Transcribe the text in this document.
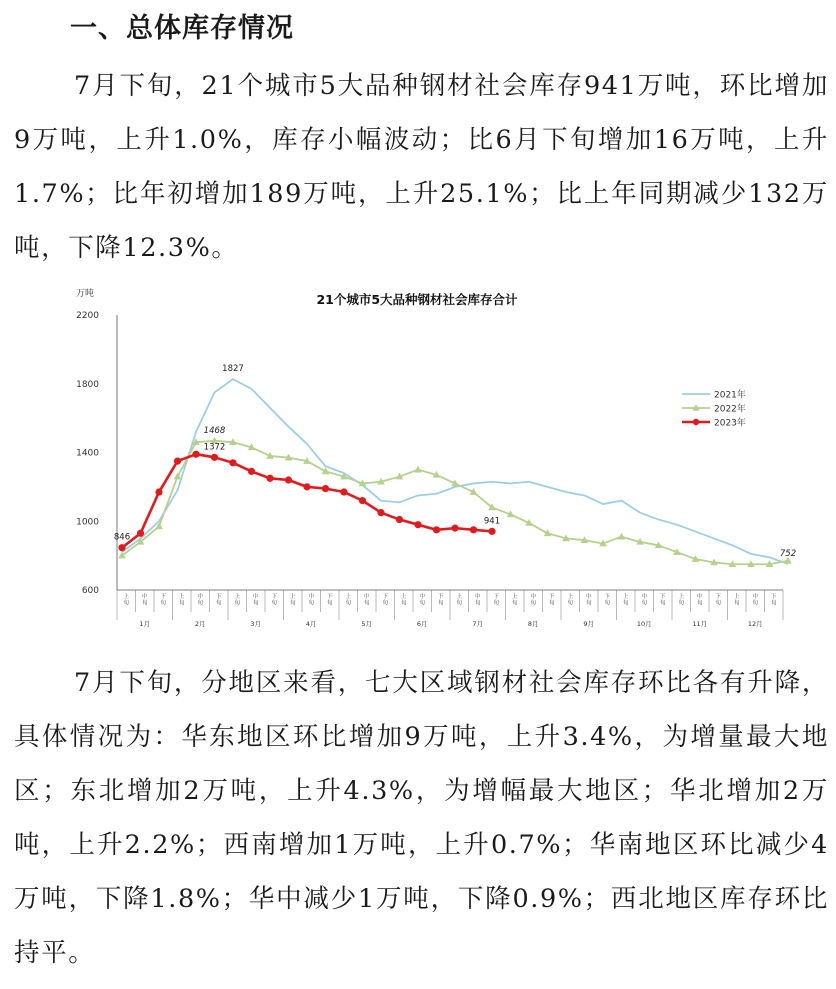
一、总体库存情况
7月下旬，21个城市5大品种钢材社会库存941万吨，环比增加9万吨，上升1.0%，库存小幅波动；比6月下旬增加16万吨，上升1.7%；比年初增加189万吨，上升25.1%；比上年同期减少132万吨，下降12.3%。
21个城市5大品种钢材社会库存合计
万吨
600
1000
1400
1800
2200
上
旬
中
旬
下
旬
上
旬
中
旬
下
旬
上
旬
中
旬
下
旬
上
旬
中
旬
下
旬
上
旬
中
旬
下
旬
上
旬
中
旬
下
旬
上
旬
中
旬
下
旬
上
旬
中
旬
下
旬
上
旬
中
旬
下
旬
上
旬
中
旬
下
旬
上
旬
中
旬
下
旬
上
旬
中
旬
下
旬
1月	2月	3月	4月	5月	6月	7月	8月	9月	10月	11月	12月
846
1372
1827
1468
941
752
2021年
2022年
2023年
7月下旬，分地区来看，七大区域钢材社会库存环比各有升降，具体情况为：华东地区环比增加9万吨，上升3.4%，为增量最大地区；东北增加2万吨，上升4.3%，为增幅最大地区；华北增加2万吨，上升2.2%；西南增加1万吨，上升0.7%；华南地区环比减少4万吨，下降1.8%；华中减少1万吨，下降0.9%；西北地区库存环比持平。
